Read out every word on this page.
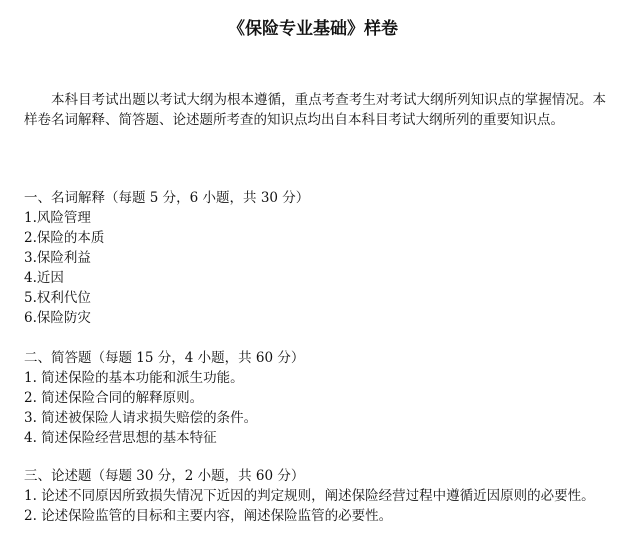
《保险专业基础》样卷

本科目考试出题以考试大纲为根本遵循，重点考查考生对考试大纲所列知识点的掌握情况。本样卷名词解释、简答题、论述题所考查的知识点均出自本科目考试大纲所列的重要知识点。

一、名词解释（每题 5 分，6 小题，共 30 分）

1. 风险管理

2. 保险的本质

3. 保险利益

4. 近因

5. 权利代位

6. 保险防灾

二、简答题（每题 15 分，4 小题，共 60 分）

1. 简述保险的基本功能和派生功能。

2. 简述保险合同的解释原则。

3. 简述被保险人请求损失赔偿的条件。

4. 简述保险经营思想的基本特征

三、论述题（每题 30 分，2 小题，共 60 分）

1. 论述不同原因所致损失情况下近因的判定规则，阐述保险经营过程中遵循近因原则的必要性。

2. 论述保险监管的目标和主要内容，阐述保险监管的必要性。
